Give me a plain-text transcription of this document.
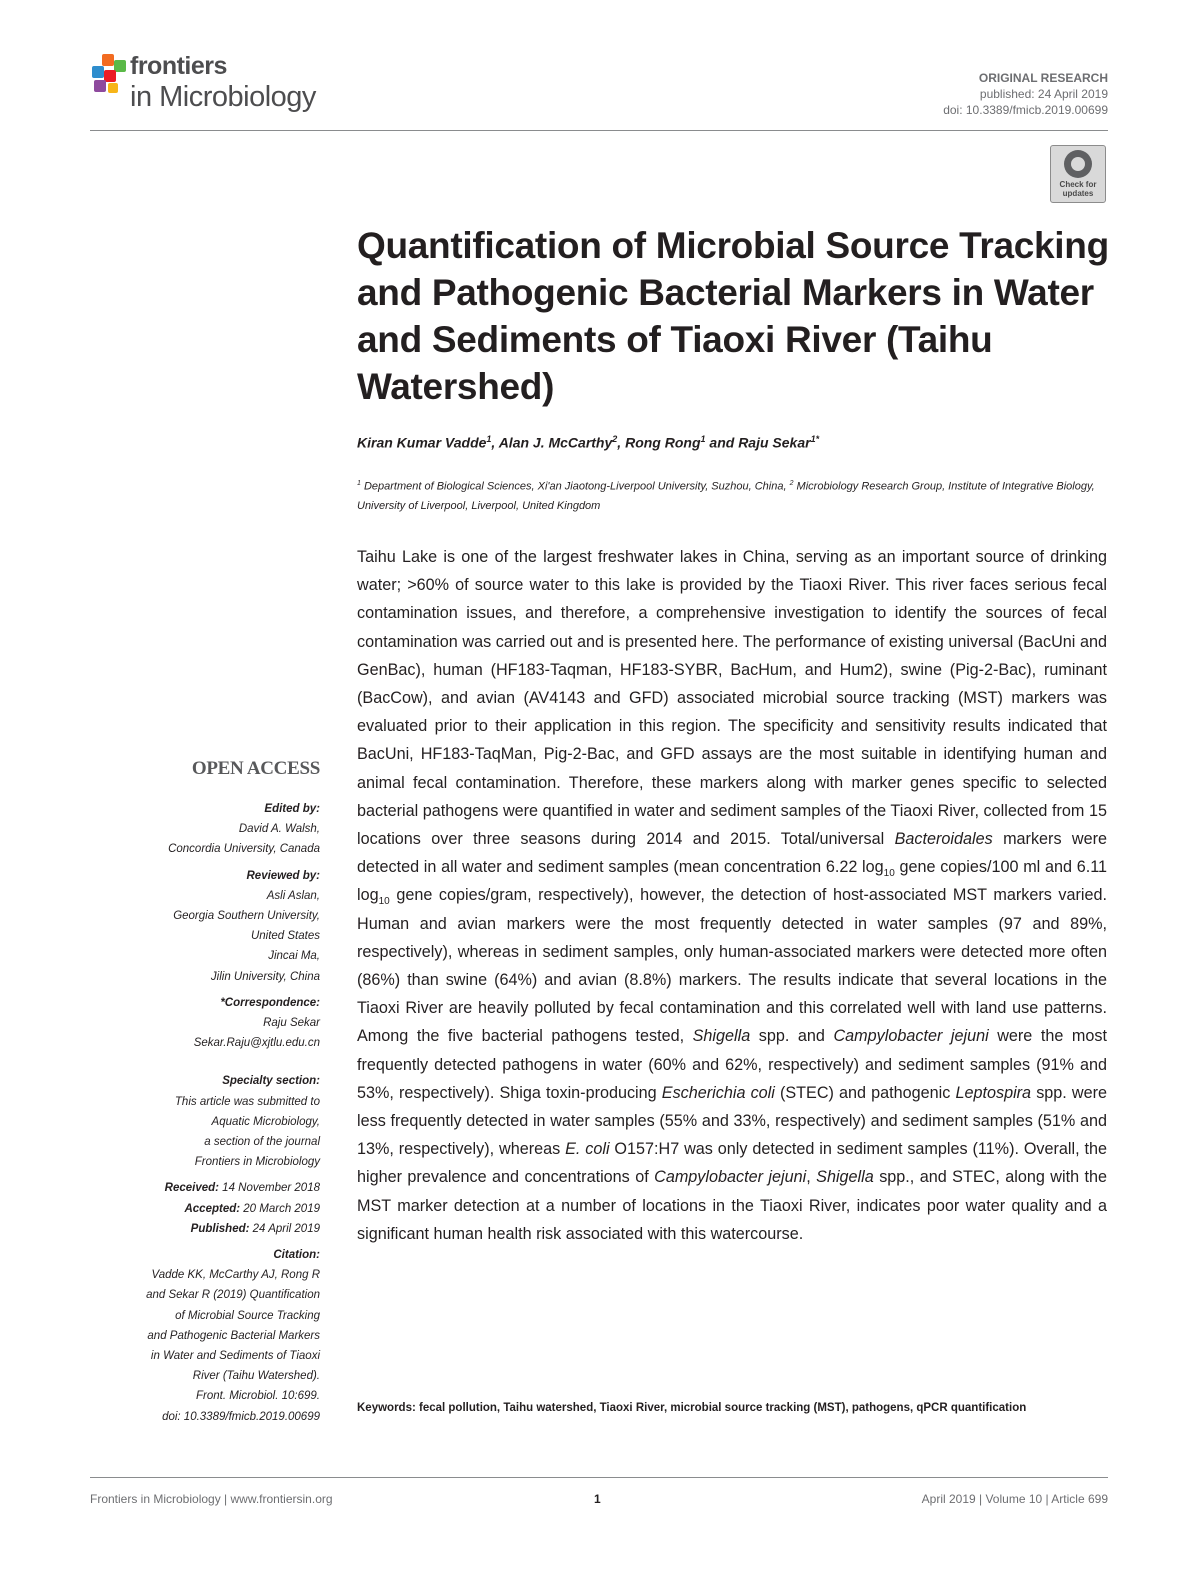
frontiers
in Microbiology
ORIGINAL RESEARCH
published: 24 April 2019
doi: 10.3389/fmicb.2019.00699
Check for updates
Quantification of Microbial Source Tracking and Pathogenic Bacterial Markers in Water and Sediments of Tiaoxi River (Taihu Watershed)
Kiran Kumar Vadde$^1$, Alan J. McCarthy$^2$, Rong Rong$^1$ and Raju Sekar$^{1*}$
$^1$ Department of Biological Sciences, Xi'an Jiaotong-Liverpool University, Suzhou, China, $^2$ Microbiology Research Group, Institute of Integrative Biology, University of Liverpool, Liverpool, United Kingdom
Taihu Lake is one of the largest freshwater lakes in China, serving as an important source of drinking water; >60% of source water to this lake is provided by the Tiaoxi River. This river faces serious fecal contamination issues, and therefore, a comprehensive investigation to identify the sources of fecal contamination was carried out and is presented here. The performance of existing universal (BacUni and GenBac), human (HF183-Taqman, HF183-SYBR, BacHum, and Hum2), swine (Pig-2-Bac), ruminant (BacCow), and avian (AV4143 and GFD) associated microbial source tracking (MST) markers was evaluated prior to their application in this region. The specificity and sensitivity results indicated that BacUni, HF183-TaqMan, Pig-2-Bac, and GFD assays are the most suitable in identifying human and animal fecal contamination. Therefore, these markers along with marker genes specific to selected bacterial pathogens were quantified in water and sediment samples of the Tiaoxi River, collected from 15 locations over three seasons during 2014 and 2015. Total/universal Bacteroidales markers were detected in all water and sediment samples (mean concentration 6.22 $\log_{10}$ gene copies/100 ml and 6.11 $\log_{10}$ gene copies/gram, respectively), however, the detection of host-associated MST markers varied. Human and avian markers were the most frequently detected in water samples (97 and 89%, respectively), whereas in sediment samples, only human-associated markers were detected more often (86%) than swine (64%) and avian (8.8%) markers. The results indicate that several locations in the Tiaoxi River are heavily polluted by fecal contamination and this correlated well with land use patterns. Among the five bacterial pathogens tested, Shigella spp. and Campylobacter jejuni were the most frequently detected pathogens in water (60% and 62%, respectively) and sediment samples (91% and 53%, respectively). Shiga toxin-producing Escherichia coli (STEC) and pathogenic Leptospira spp. were less frequently detected in water samples (55% and 33%, respectively) and sediment samples (51% and 13%, respectively), whereas E. coli O157:H7 was only detected in sediment samples (11%). Overall, the higher prevalence and concentrations of Campylobacter jejuni, Shigella spp., and STEC, along with the MST marker detection at a number of locations in the Tiaoxi River, indicates poor water quality and a significant human health risk associated with this watercourse.
Keywords: fecal pollution, Taihu watershed, Tiaoxi River, microbial source tracking (MST), pathogens, qPCR quantification
OPEN ACCESS
Edited by:
David A. Walsh,
Concordia University, Canada
Reviewed by:
Asli Aslan,
Georgia Southern University,
United States
Jincai Ma,
Jilin University, China
*Correspondence:
Raju Sekar
Sekar.Raju@xjtlu.edu.cn
Specialty section:
This article was submitted to
Aquatic Microbiology,
a section of the journal
Frontiers in Microbiology
Received: 14 November 2018
Accepted: 20 March 2019
Published: 24 April 2019
Citation:
Vadde KK, McCarthy AJ, Rong R
and Sekar R (2019) Quantification
of Microbial Source Tracking
and Pathogenic Bacterial Markers
in Water and Sediments of Tiaoxi
River (Taihu Watershed).
Front. Microbiol. 10:699.
doi: 10.3389/fmicb.2019.00699
Frontiers in Microbiology | www.frontiersin.org	1	April 2019 | Volume 10 | Article 699
